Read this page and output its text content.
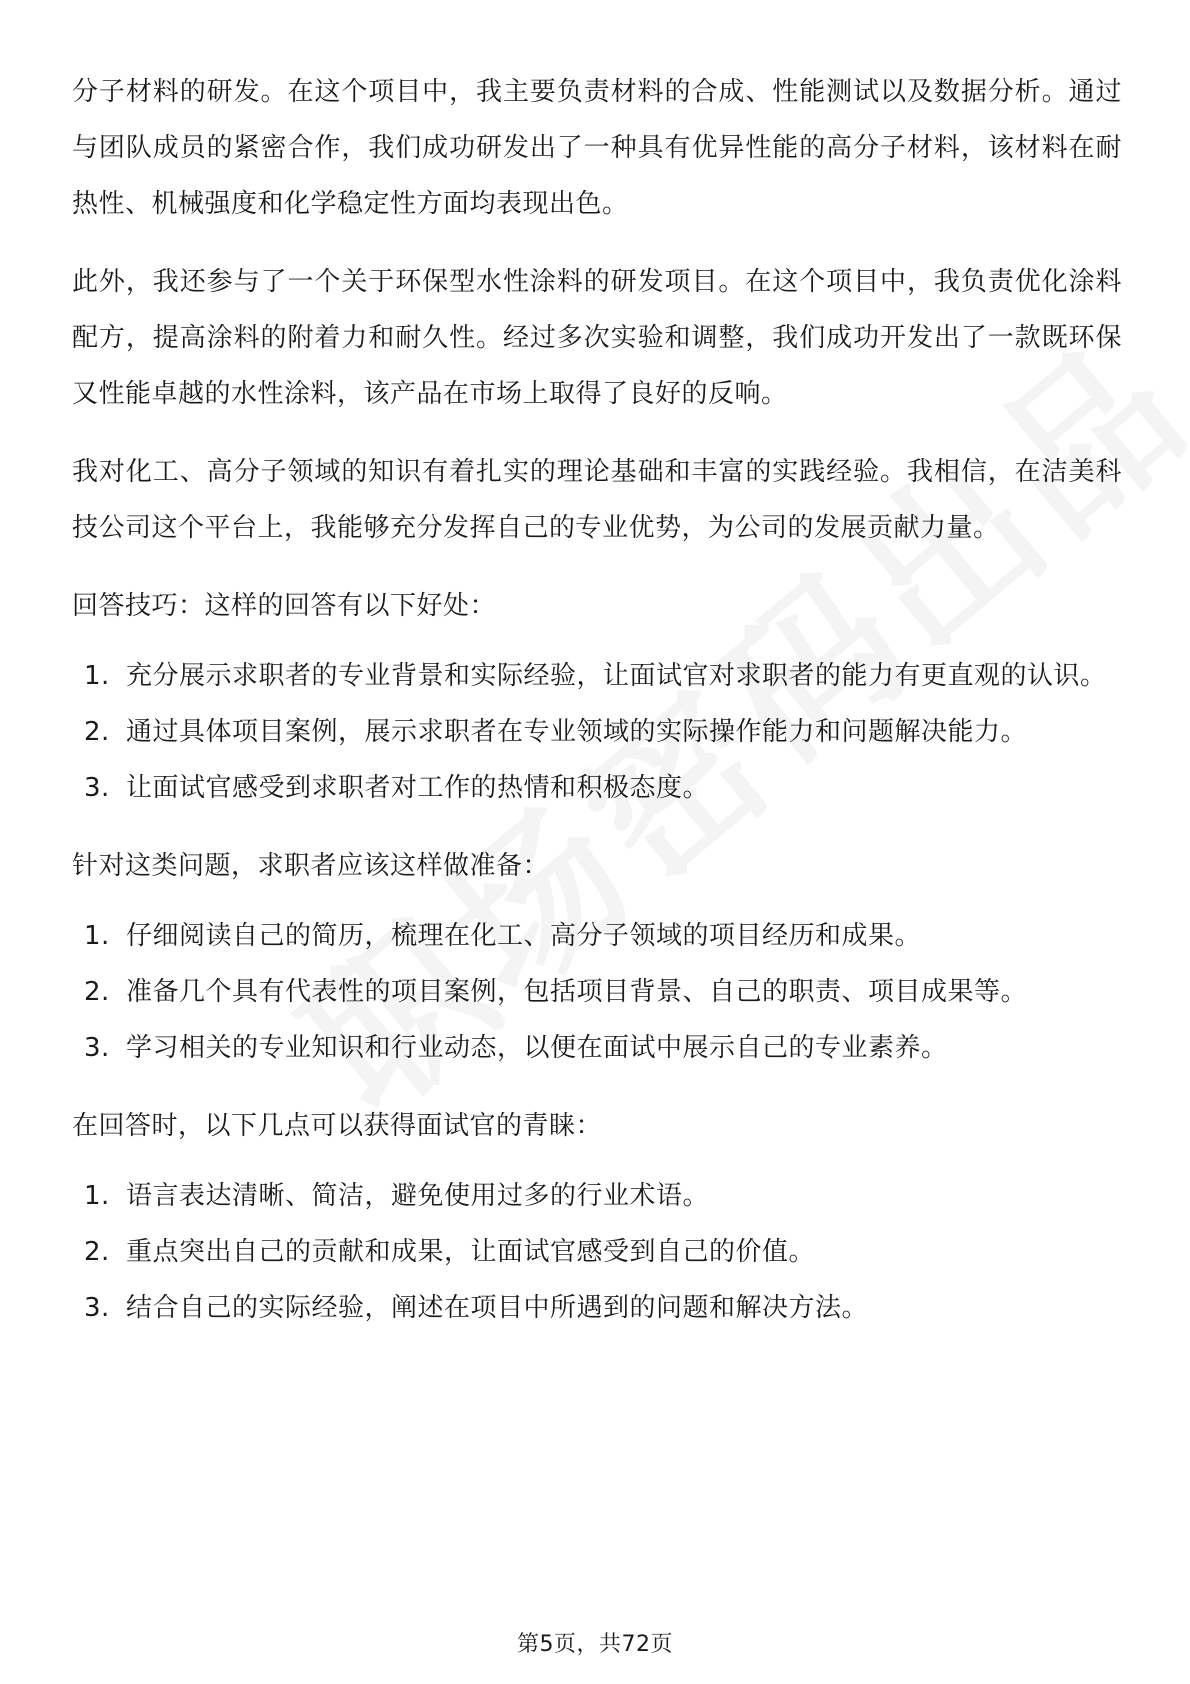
分子材料的研发。在这个项目中，我主要负责材料的合成、性能测试以及数据分析。通过与团队成员的紧密合作，我们成功研发出了一种具有优异性能的高分子材料，该材料在耐热性、机械强度和化学稳定性方面均表现出色。

此外，我还参与了一个关于环保型水性涂料的研发项目。在这个项目中，我负责优化涂料配方，提高涂料的附着力和耐久性。经过多次实验和调整，我们成功开发出了一款既环保又性能卓越的水性涂料，该产品在市场上取得了良好的反响。

我对化工、高分子领域的知识有着扎实的理论基础和丰富的实践经验。我相信，在洁美科技公司这个平台上，我能够充分发挥自己的专业优势，为公司的发展贡献力量。

回答技巧：这样的回答有以下好处：

1. 充分展示求职者的专业背景和实际经验，让面试官对求职者的能力有更直观的认识。
2. 通过具体项目案例，展示求职者在专业领域的实际操作能力和问题解决能力。
3. 让面试官感受到求职者对工作的热情和积极态度。

针对这类问题，求职者应该这样做准备：

1. 仔细阅读自己的简历，梳理在化工、高分子领域的项目经历和成果。
2. 准备几个具有代表性的项目案例，包括项目背景、自己的职责、项目成果等。
3. 学习相关的专业知识和行业动态，以便在面试中展示自己的专业素养。

在回答时，以下几点可以获得面试官的青睐：

1. 语言表达清晰、简洁，避免使用过多的行业术语。
2. 重点突出自己的贡献和成果，让面试官感受到自己的价值。
3. 结合自己的实际经验，阐述在项目中所遇到的问题和解决方法。
第5页，共72页
